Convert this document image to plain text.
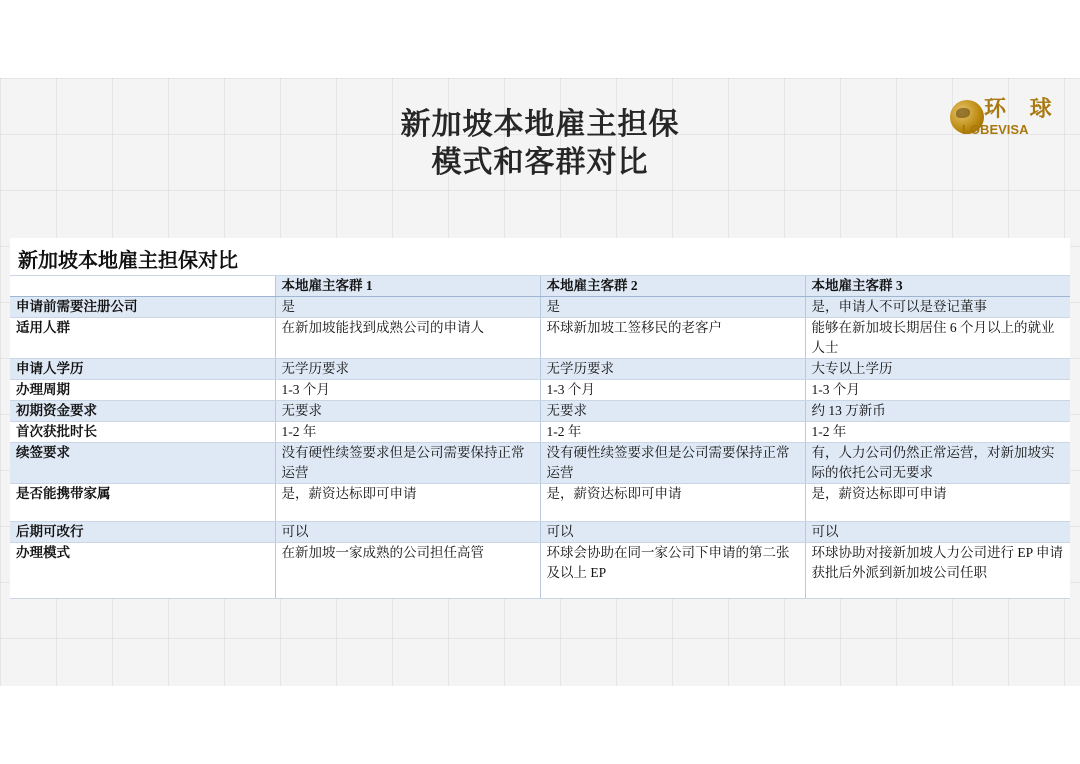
新加坡本地雇主担保
模式和客群对比
环 球
LOBEVISA
新加坡本地雇主担保对比
	本地雇主客群 1	本地雇主客群 2	本地雇主客群 3
申请前需要注册公司	是	是	是，申请人不可以是登记董事
适用人群	在新加坡能找到成熟公司的申请人	环球新加坡工签移民的老客户	能够在新加坡长期居住 6 个月以上的就业人士
申请人学历	无学历要求	无学历要求	大专以上学历
办理周期	1-3 个月	1-3 个月	1-3 个月
初期资金要求	无要求	无要求	约 13 万新币
首次获批时长	1-2 年	1-2 年	1-2 年
续签要求	没有硬性续签要求但是公司需要保持正常运营	没有硬性续签要求但是公司需要保持正常运营	有，人力公司仍然正常运营，对新加坡实际的依托公司无要求
是否能携带家属	是，薪资达标即可申请	是，薪资达标即可申请	是，薪资达标即可申请
后期可改行	可以	可以	可以
办理模式	在新加坡一家成熟的公司担任高管	环球会协助在同一家公司下申请的第二张及以上 EP	环球协助对接新加坡人力公司进行 EP 申请获批后外派到新加坡公司任职
